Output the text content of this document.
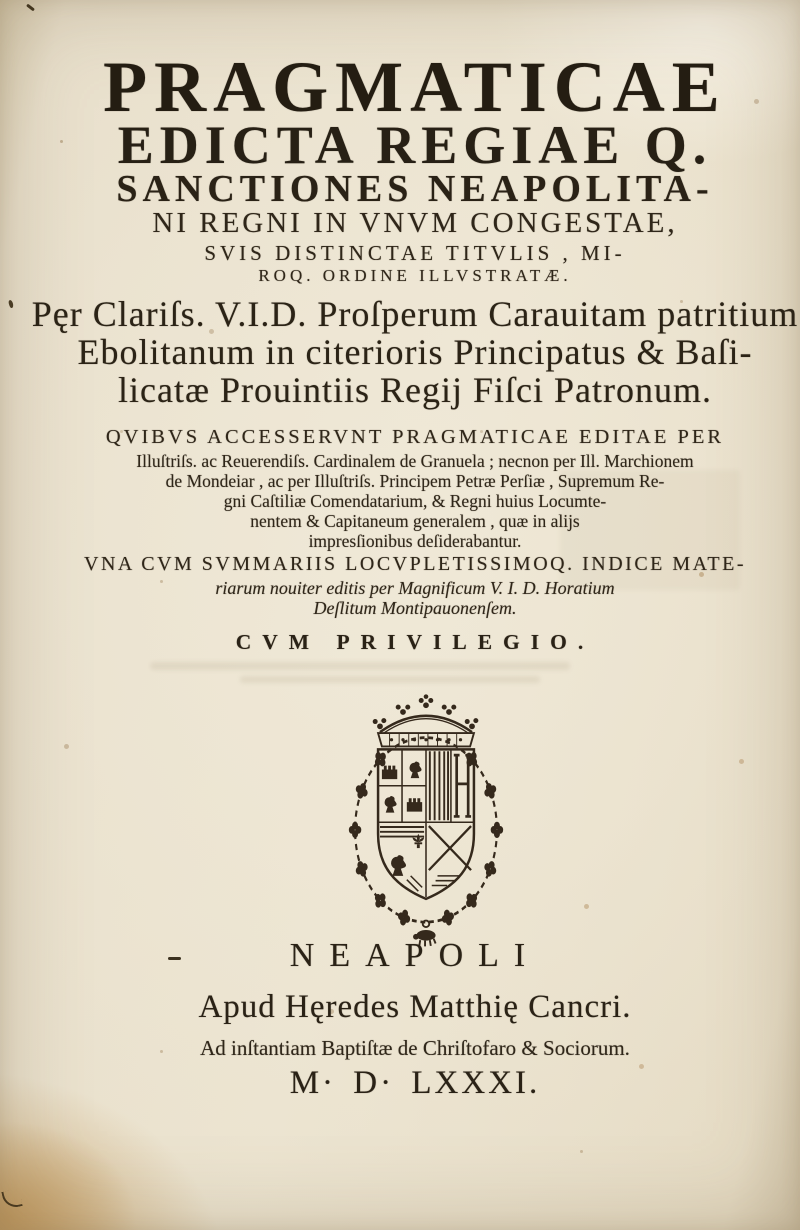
PRAGMATICAE
EDICTA REGIAE Q.
SANCTIONES NEAPOLITA-
NI REGNI IN VNVM CONGESTAE,
SVIS DISTINCTAE TITVLIS , MI-
ROQ. ORDINE ILLVSTRATÆ.
Pęr Clariſs. V.I.D. Proſperum Carauitam patritium
Ebolitanum in citerioris Principatus & Baſi-
licatæ Prouintiis Regij Fiſci Patronum.
QVIBVS ACCESSERVNT PRAGMATICAE EDITAE PER
Illuſtriſs. ac Reuerendiſs. Cardinalem de Granuela ; necnon per Ill. Marchionem
de Mondeiar , ac per Illuſtriſs. Principem Petræ Perſiæ , Supremum Re-
gni Caſtiliæ Comendatarium, & Regni huius Locumte-
nentem & Capitaneum generalem , quæ in alijs
impresſionibus deſiderabantur.
VNA CVM SVMMARIIS LOCVPLETISSIMOQ. INDICE MATE-
riarum nouiter editis per Magnificum V. I. D. Horatium
Deſlitum Montipauonenſem.
CVM PRIVILEGIO.
NEAPOLI
Apud Hęredes Matthię Cancri.
Ad inſtantiam Baptiſtæ de Chriſtofaro & Sociorum.
M· D· LXXXI.
